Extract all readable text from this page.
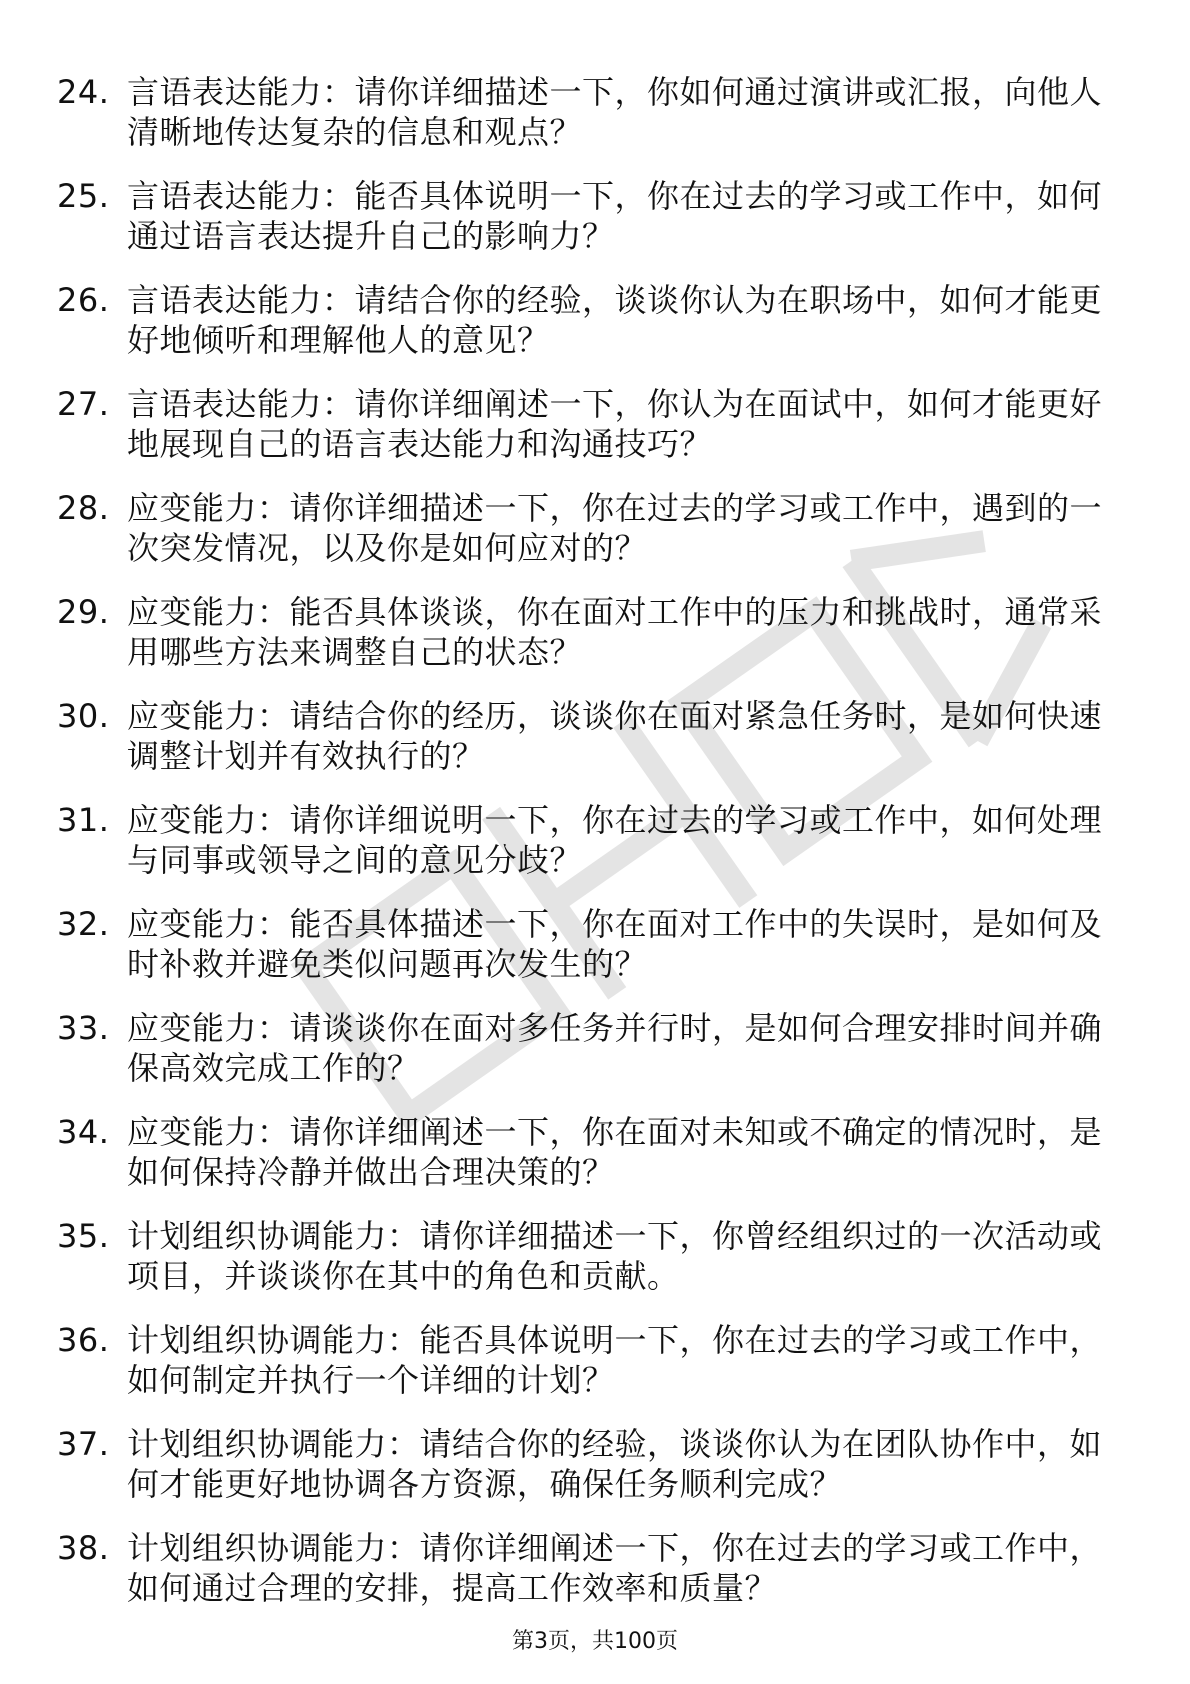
24. 言语表达能力：请你详细描述一下，你如何通过演讲或汇报，向他人清晰地传达复杂的信息和观点？
25. 言语表达能力：能否具体说明一下，你在过去的学习或工作中，如何通过语言表达提升自己的影响力？
26. 言语表达能力：请结合你的经验，谈谈你认为在职场中，如何才能更好地倾听和理解他人的意见？
27. 言语表达能力：请你详细阐述一下，你认为在面试中，如何才能更好地展现自己的语言表达能力和沟通技巧？
28. 应变能力：请你详细描述一下，你在过去的学习或工作中，遇到的一次突发情况，以及你是如何应对的？
29. 应变能力：能否具体谈谈，你在面对工作中的压力和挑战时，通常采用哪些方法来调整自己的状态？
30. 应变能力：请结合你的经历，谈谈你在面对紧急任务时，是如何快速调整计划并有效执行的？
31. 应变能力：请你详细说明一下，你在过去的学习或工作中，如何处理与同事或领导之间的意见分歧？
32. 应变能力：能否具体描述一下，你在面对工作中的失误时，是如何及时补救并避免类似问题再次发生的？
33. 应变能力：请谈谈你在面对多任务并行时，是如何合理安排时间并确保高效完成工作的？
34. 应变能力：请你详细阐述一下，你在面对未知或不确定的情况时，是如何保持冷静并做出合理决策的？
35. 计划组织协调能力：请你详细描述一下，你曾经组织过的一次活动或项目，并谈谈你在其中的角色和贡献。
36. 计划组织协调能力：能否具体说明一下，你在过去的学习或工作中，如何制定并执行一个详细的计划？
37. 计划组织协调能力：请结合你的经验，谈谈你认为在团队协作中，如何才能更好地协调各方资源，确保任务顺利完成？
38. 计划组织协调能力：请你详细阐述一下，你在过去的学习或工作中，如何通过合理的安排，提高工作效率和质量？
第3页，共100页
